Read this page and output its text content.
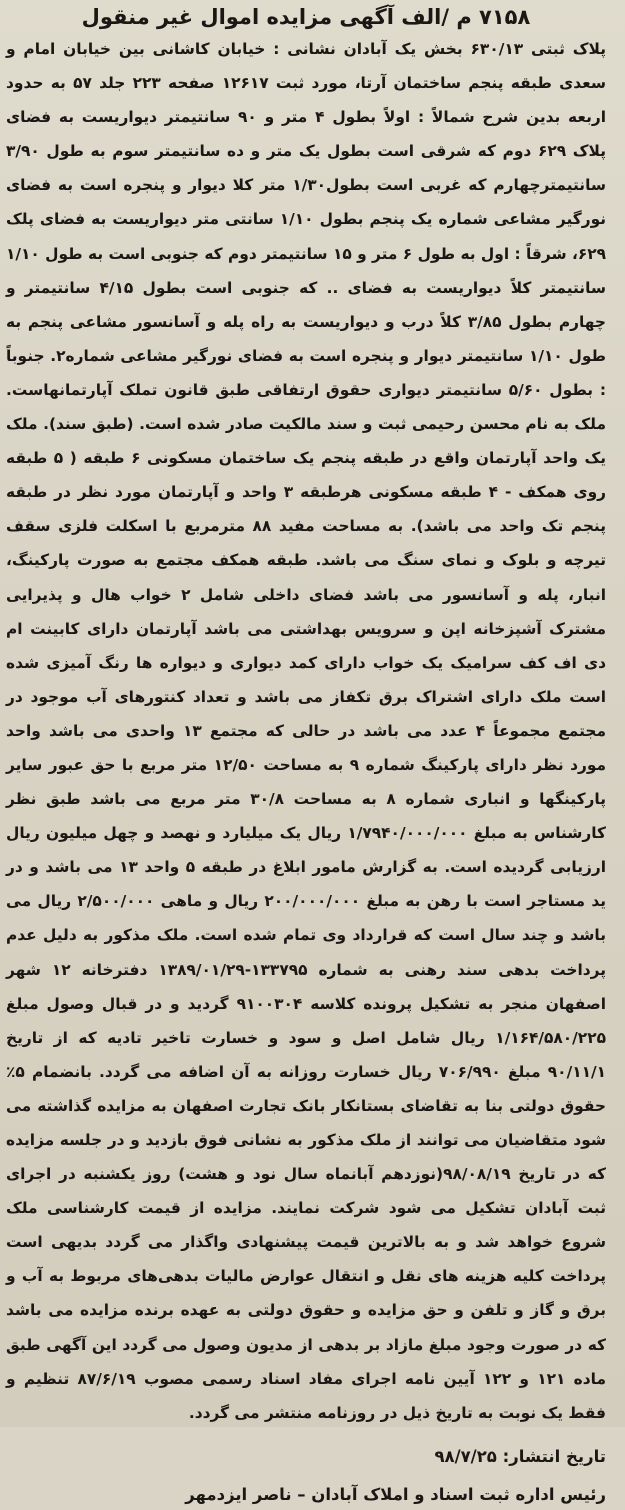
۷۱۵۸ م /الف آگهی مزایده اموال غیر منقول

پلاک ثبتی ۶۳۰/۱۳ بخش یک آبادان نشانی : خیابان کاشانی بین خیابان امام و سعدی طبقه پنجم ساختمان آرتا، مورد ثبت ۱۲۶۱۷ صفحه ۲۲۳ جلد ۵۷ به حدود اربعه بدین شرح شمالاً : اولاً بطول ۴ متر و ۹۰ سانتیمتر دیواریست به فضای پلاک ۶۲۹ دوم که شرقی است بطول یک متر و ده سانتیمتر سوم به طول ۳/۹۰ سانتیمترچهارم که غربی است بطول۱/۳۰ متر کلا دیوار و پنجره است به فضای نورگیر مشاعی شماره یک پنجم بطول ۱/۱۰ سانتی متر دیواریست به فضای پلک ۶۲۹، شرقاً : اول به طول ۶ متر و ۱۵ سانتیمتر دوم که جنوبی است به طول ۱/۱۰ سانتیمتر کلاً دیواریست به فضای .. که جنوبی است بطول ۴/۱۵ سانتیمتر و چهارم بطول ۳/۸۵ کلاً درب و دیواریست به راه پله و آسانسور مشاعی پنجم به طول ۱/۱۰ سانتیمتر دیوار و پنجره است به فضای نورگیر مشاعی شماره۲. جنوباً : بطول ۵/۶۰ سانتیمتر دیواری حقوق ارتفاقی طبق قانون تملک آپارتمانهاست. ملک به نام محسن رحیمی ثبت و سند مالکیت صادر شده است. (طبق سند). ملک یک واحد آپارتمان واقع در طبقه پنجم یک ساختمان مسکونی ۶ طبقه ( ۵ طبقه روی همکف - ۴ طبقه مسکونی هرطبقه ۳ واحد و آپارتمان مورد نظر در طبقه پنجم تک واحد می باشد). به مساحت مفید ۸۸ مترمربع با اسکلت فلزی سقف تیرچه و بلوک و نمای سنگ می باشد. طبقه همکف مجتمع به صورت پارکینگ، انبار، پله و آسانسور می باشد فضای داخلی شامل ۲ خواب هال و پذیرایی مشترک آشپزخانه اپن و سرویس بهداشتی می باشد آپارتمان دارای کابینت ام دی اف کف سرامیک یک خواب دارای کمد دیواری و دیواره ها رنگ آمیزی شده است ملک دارای اشتراک برق تکفاز می باشد و تعداد کنتورهای آب موجود در مجتمع مجموعاً ۴ عدد می باشد در حالی که مجتمع ۱۳ واحدی می باشد واحد مورد نظر دارای پارکینگ شماره ۹ به مساحت ۱۲/۵۰ متر مربع با حق عبور سایر پارکینگها و انباری شماره ۸ به مساحت ۳۰/۸ متر مربع می باشد طبق نظر کارشناس به مبلغ ۱/۷۹۴۰/۰۰۰/۰۰۰ ریال یک میلیارد و نهصد و چهل میلیون ریال ارزیابی گردیده است. به گزارش مامور ابلاغ در طبقه ۵ واحد ۱۳ می باشد و در ید مستاجر است با رهن به مبلغ ۲۰۰/۰۰۰/۰۰۰ ریال و ماهی ۲/۵۰۰/۰۰۰ ریال می باشد و چند سال است که قرارداد وی تمام شده است. ملک مذکور به دلیل عدم پرداخت بدهی سند رهنی به شماره ۱۳۳۷۹۵-۱۳۸۹/۰۱/۲۹ دفترخانه ۱۲ شهر اصفهان منجر به تشکیل پرونده کلاسه ۹۱۰۰۳۰۴ گردید و در قبال وصول مبلغ ۱/۱۶۴/۵۸۰/۲۲۵ ریال شامل اصل و سود و خسارت تاخیر تادیه که از تاریخ ۹۰/۱۱/۱ مبلغ ۷۰۶/۹۹۰ ریال خسارت روزانه به آن اضافه می گردد. بانضمام ۵٪ حقوق دولتی بنا به تقاضای بستانکار بانک تجارت اصفهان به مزایده گذاشته می شود متقاضیان می توانند از ملک مذکور به نشانی فوق بازدید و در جلسه مزایده که در تاریخ ۹۸/۰۸/۱۹(نوزدهم آبانماه سال نود و هشت) روز یکشنبه در اجرای ثبت آبادان تشکیل می شود شرکت نمایند. مزایده از قیمت کارشناسی ملک شروع خواهد شد و به بالاترین قیمت پیشنهادی واگذار می گردد بدیهی است پرداخت کلیه هزینه های نقل و انتقال عوارض مالیات بدهی‌های مربوط به آب و برق و گاز و تلفن و حق مزایده و حقوق دولتی به عهده برنده مزایده می باشد که در صورت وجود مبلغ مازاد بر بدهی از مدیون وصول می گردد این آگهی طبق ماده ۱۲۱ و ۱۲۲ آیین نامه اجرای مفاد اسناد رسمی مصوب ۸۷/۶/۱۹ تنظیم و فقط یک نوبت به تاریخ ذیل در روزنامه منتشر می گردد.

تاریخ انتشار: ۹۸/۷/۲۵
رئیس اداره ثبت اسناد و املاک آبادان – ناصر ایزدمهر
